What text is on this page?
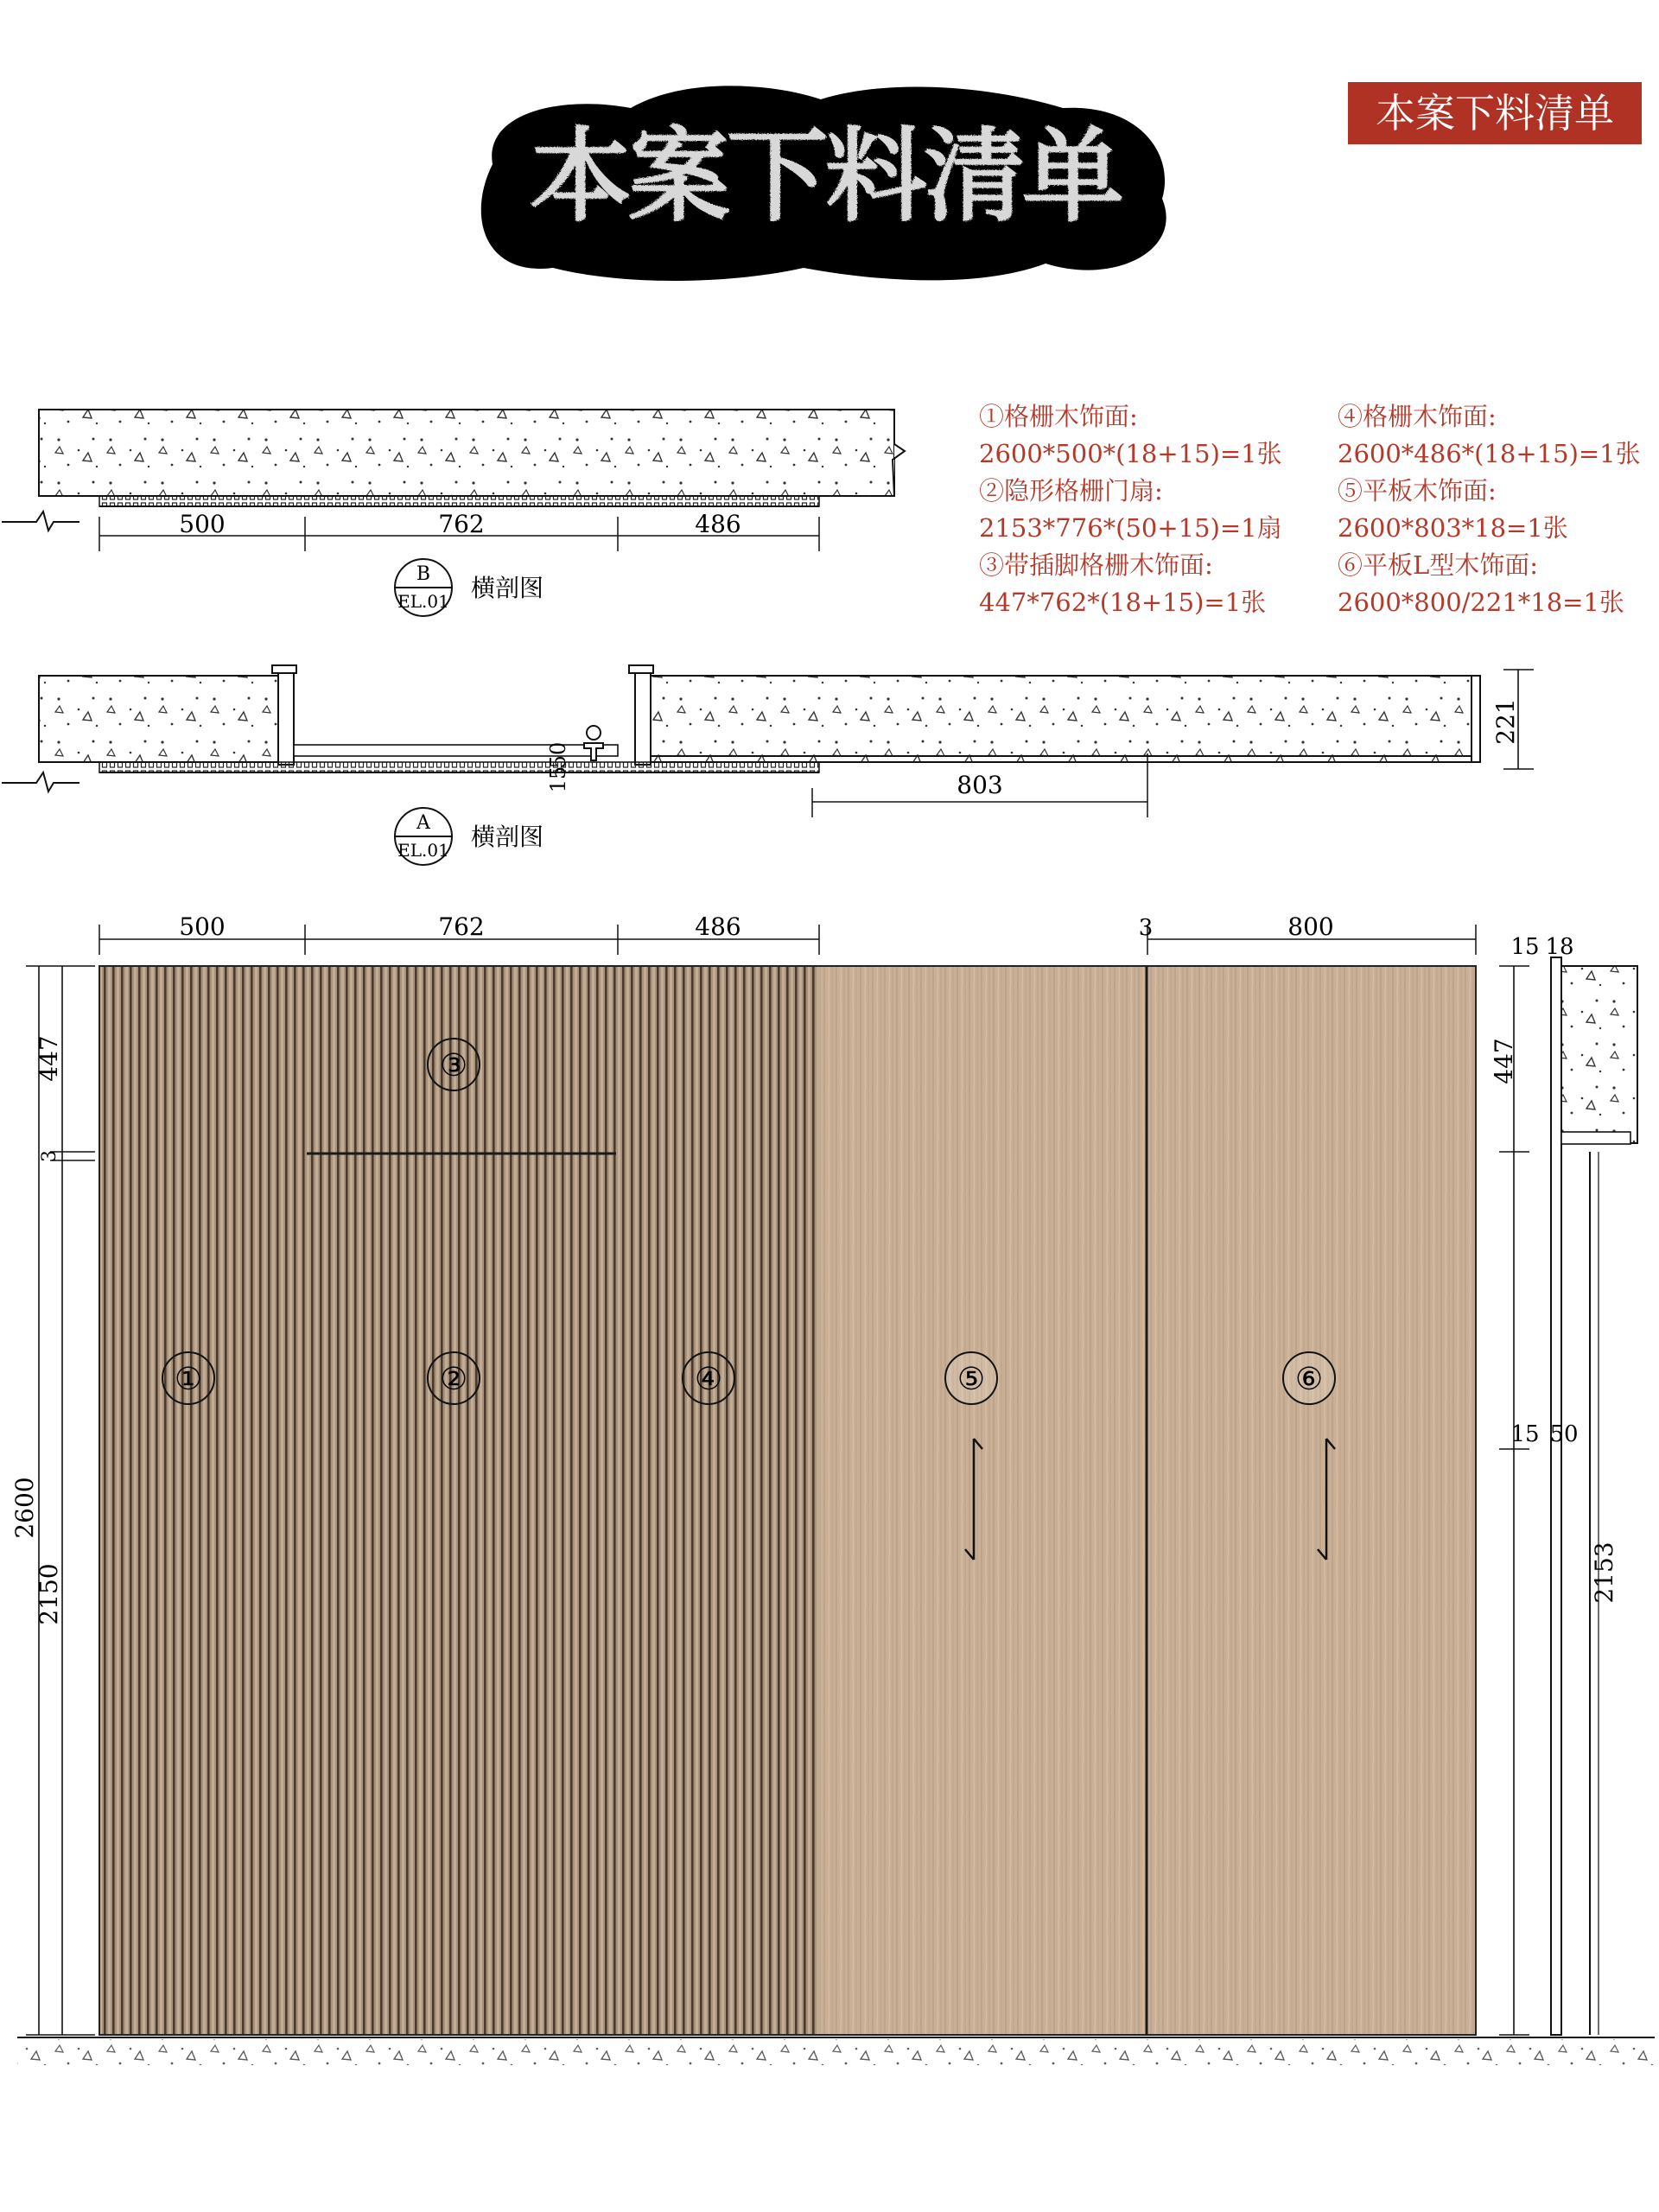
本案下料清单
本案下料清单
①格栅木饰面:
2600*500*(18+15)=1张
②隐形格栅门扇:
2153*776*(50+15)=1扇
③带插脚格栅木饰面:
447*762*(18+15)=1张
④格栅木饰面:
2600*486*(18+15)=1张
⑤平板木饰面:
2600*803*18=1张
⑥平板L型木饰面:
2600*800/221*18=1张
500	762	486
B
EL.01 横剖图
15
50
803
221
A
EL.01 横剖图
500	762	486	3	800
447
3
2150
2600
①	②
③
④	⑤	⑥
15 18
447
15 50
2153
